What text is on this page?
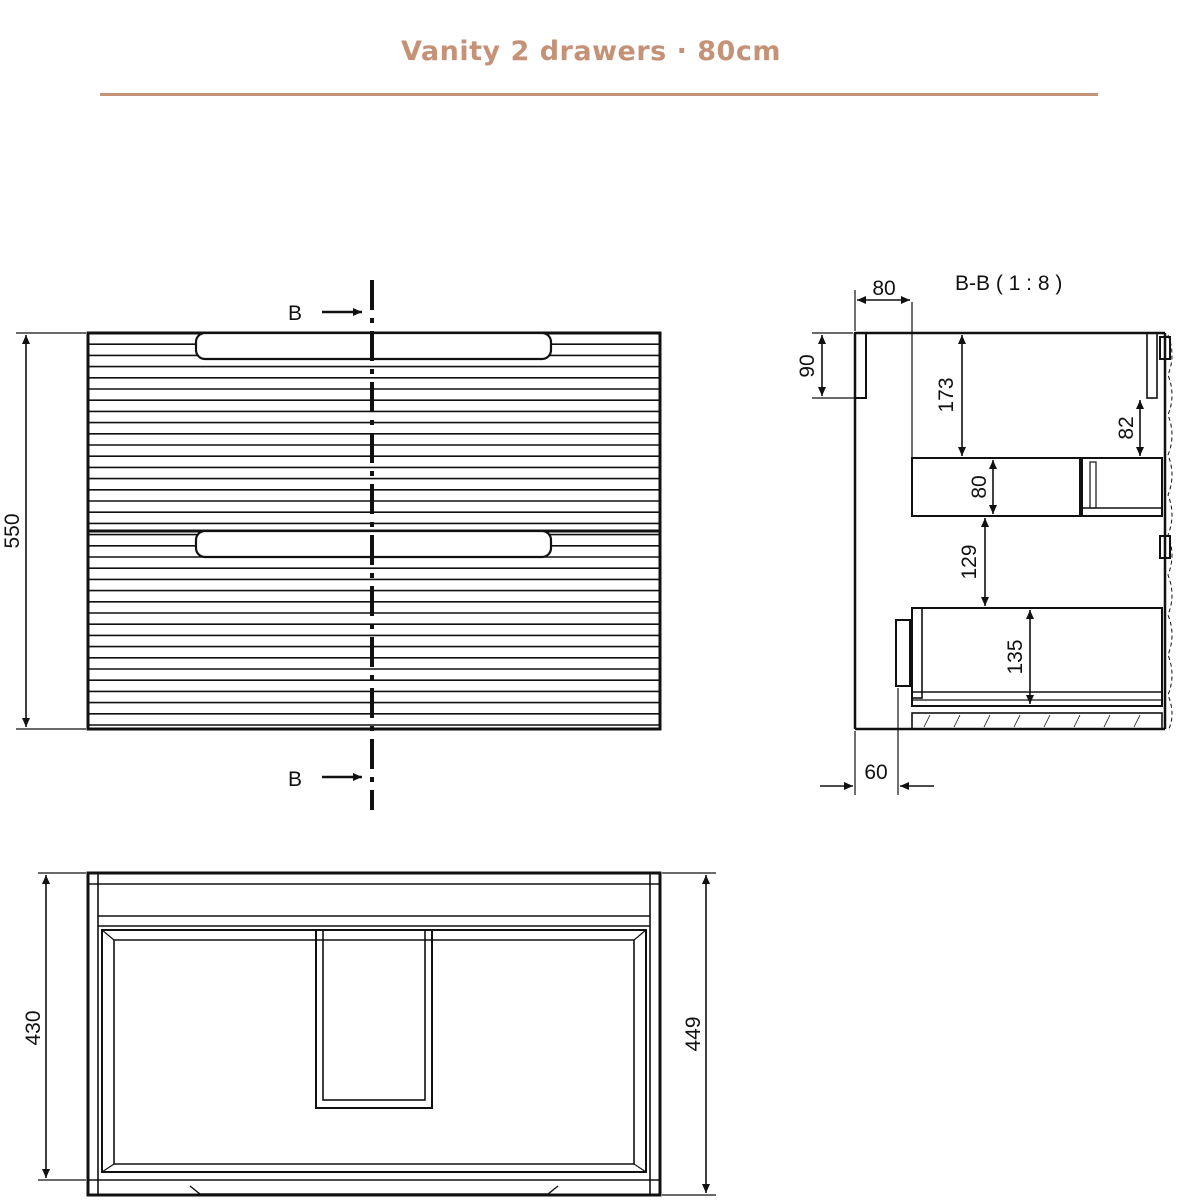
Vanity 2 drawers · 80cm
B
B
550
B-B ( 1 : 8 )
80
90
173
82
80
129
135
60
430	449
